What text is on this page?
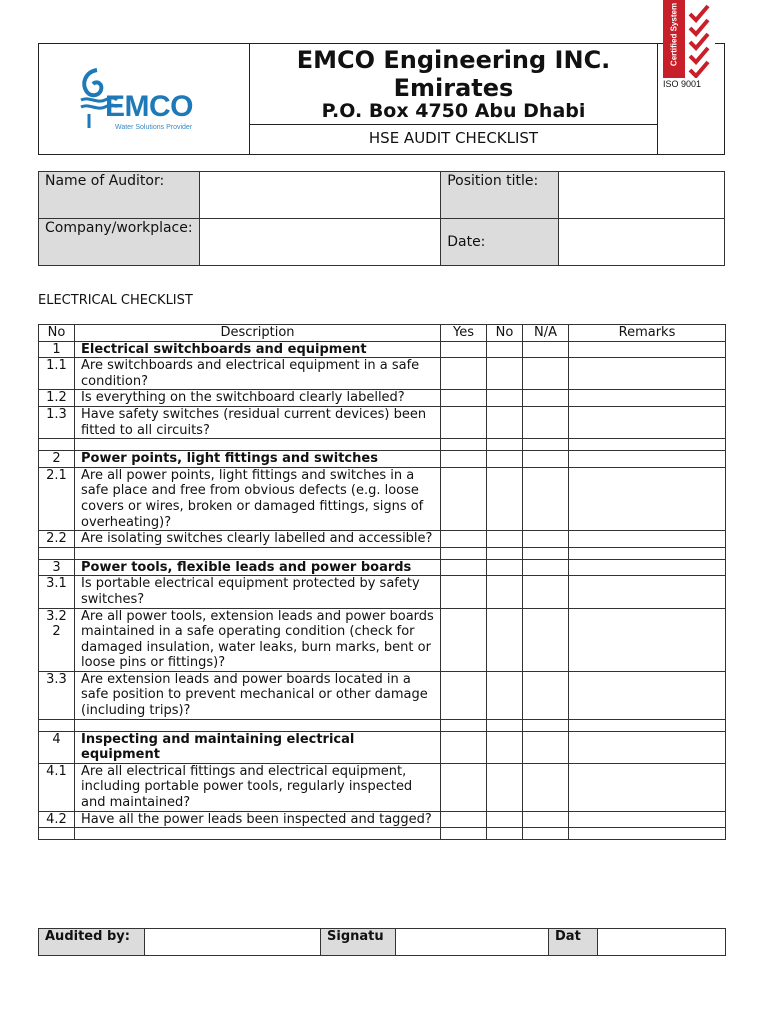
EMCO
Water Solutions Provider
EMCO Engineering INC.
Emirates
P.O. Box 4750 Abu Dhabi
HSE AUDIT CHECKLIST
Certified System
ISO 9001
Name of Auditor:		Position title:	
Company/workplace:		Date:	
ELECTRICAL CHECKLIST
No	Description	Yes	No	N/A	Remarks
1	Electrical switchboards and equipment				
1.1	Are switchboards and electrical equipment in a safe condition?				
1.2	Is everything on the switchboard clearly labelled?				
1.3	Have safety switches (residual current devices) been fitted to all circuits?				

2	Power points, light fittings and switches				
2.1	Are all power points, light fittings and switches in a safe place and free from obvious defects (e.g. loose covers or wires, broken or damaged fittings, signs of overheating)?				
2.2	Are isolating switches clearly labelled and accessible?				

3	Power tools, flexible leads and power boards				
3.1	Is portable electrical equipment protected by safety switches?				
3.2 2	Are all power tools, extension leads and power boards maintained in a safe operating condition (check for damaged insulation, water leaks, burn marks, bent or loose pins or fittings)?				
3.3	Are extension leads and power boards located in a safe position to prevent mechanical or other damage (including trips)?				

4	Inspecting and maintaining electrical equipment				
4.1	Are all electrical fittings and electrical equipment, including portable power tools, regularly inspected and maintained?				
4.2	Have all the power leads been inspected and tagged?				

Audited by:		Signatu		Dat	
